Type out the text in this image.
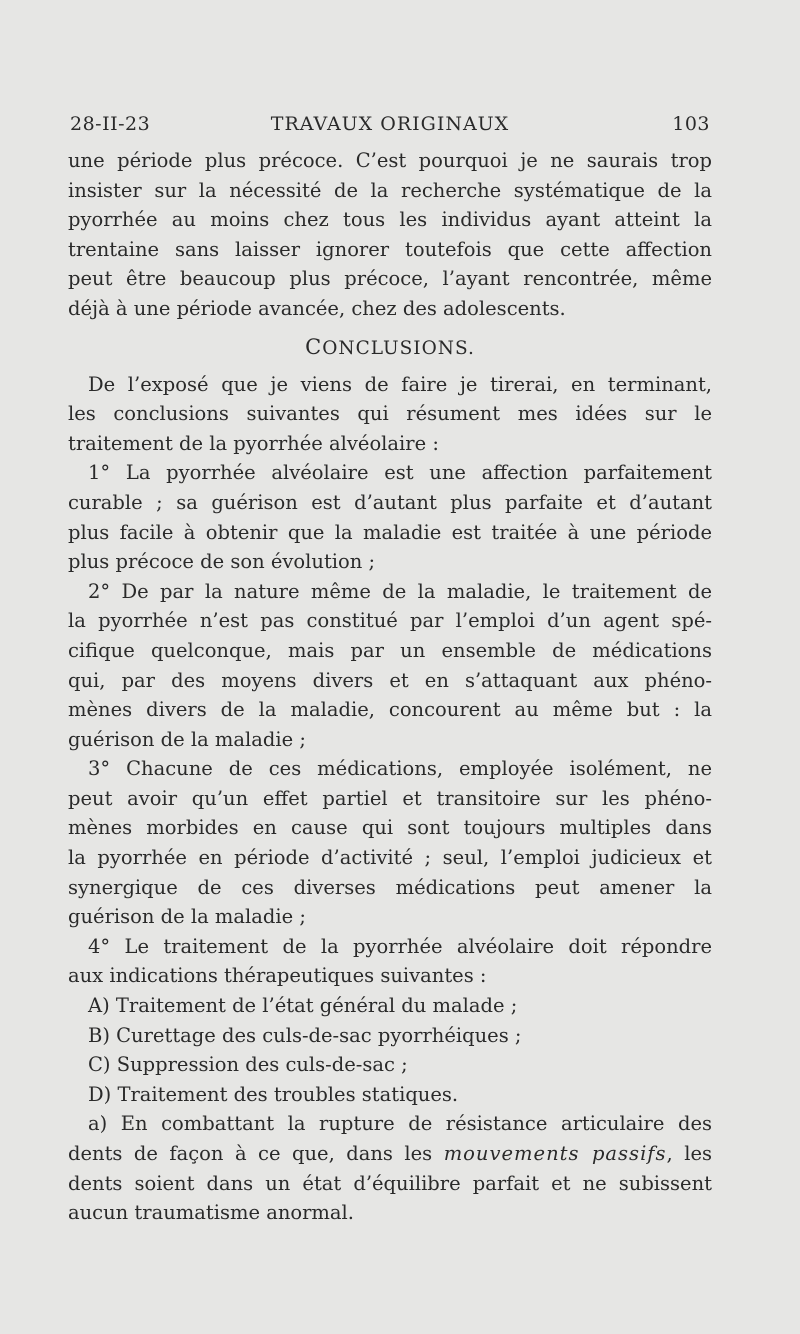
28-II-23	TRAVAUX ORIGINAUX	103
une période plus précoce. C’est pourquoi je ne saurais trop
insister sur la nécessité de la recherche systématique de la
pyorrhée au moins chez tous les individus ayant atteint la
trentaine sans laisser ignorer toutefois que cette affection
peut être beaucoup plus précoce, l’ayant rencontrée, même
déjà à une période avancée, chez des adolescents.
CONCLUSIONS.
De l’exposé que je viens de faire je tirerai, en terminant,
les conclusions suivantes qui résument mes idées sur le
traitement de la pyorrhée alvéolaire :
1° La pyorrhée alvéolaire est une affection parfaitement
curable ; sa guérison est d’autant plus parfaite et d’autant
plus facile à obtenir que la maladie est traitée à une période
plus précoce de son évolution ;
2° De par la nature même de la maladie, le traitement de
la pyorrhée n’est pas constitué par l’emploi d’un agent spé-
cifique quelconque, mais par un ensemble de médications
qui, par des moyens divers et en s’attaquant aux phéno-
mènes divers de la maladie, concourent au même but : la
guérison de la maladie ;
3° Chacune de ces médications, employée isolément, ne
peut avoir qu’un effet partiel et transitoire sur les phéno-
mènes morbides en cause qui sont toujours multiples dans
la pyorrhée en période d’activité ; seul, l’emploi judicieux et
synergique de ces diverses médications peut amener la
guérison de la maladie ;
4° Le traitement de la pyorrhée alvéolaire doit répondre
aux indications thérapeutiques suivantes :
A) Traitement de l’état général du malade ;
B) Curettage des culs-de-sac pyorrhéiques ;
C) Suppression des culs-de-sac ;
D) Traitement des troubles statiques.
a) En combattant la rupture de résistance articulaire des
dents de façon à ce que, dans les mouvements passifs, les
dents soient dans un état d’équilibre parfait et ne subissent
aucun traumatisme anormal.
